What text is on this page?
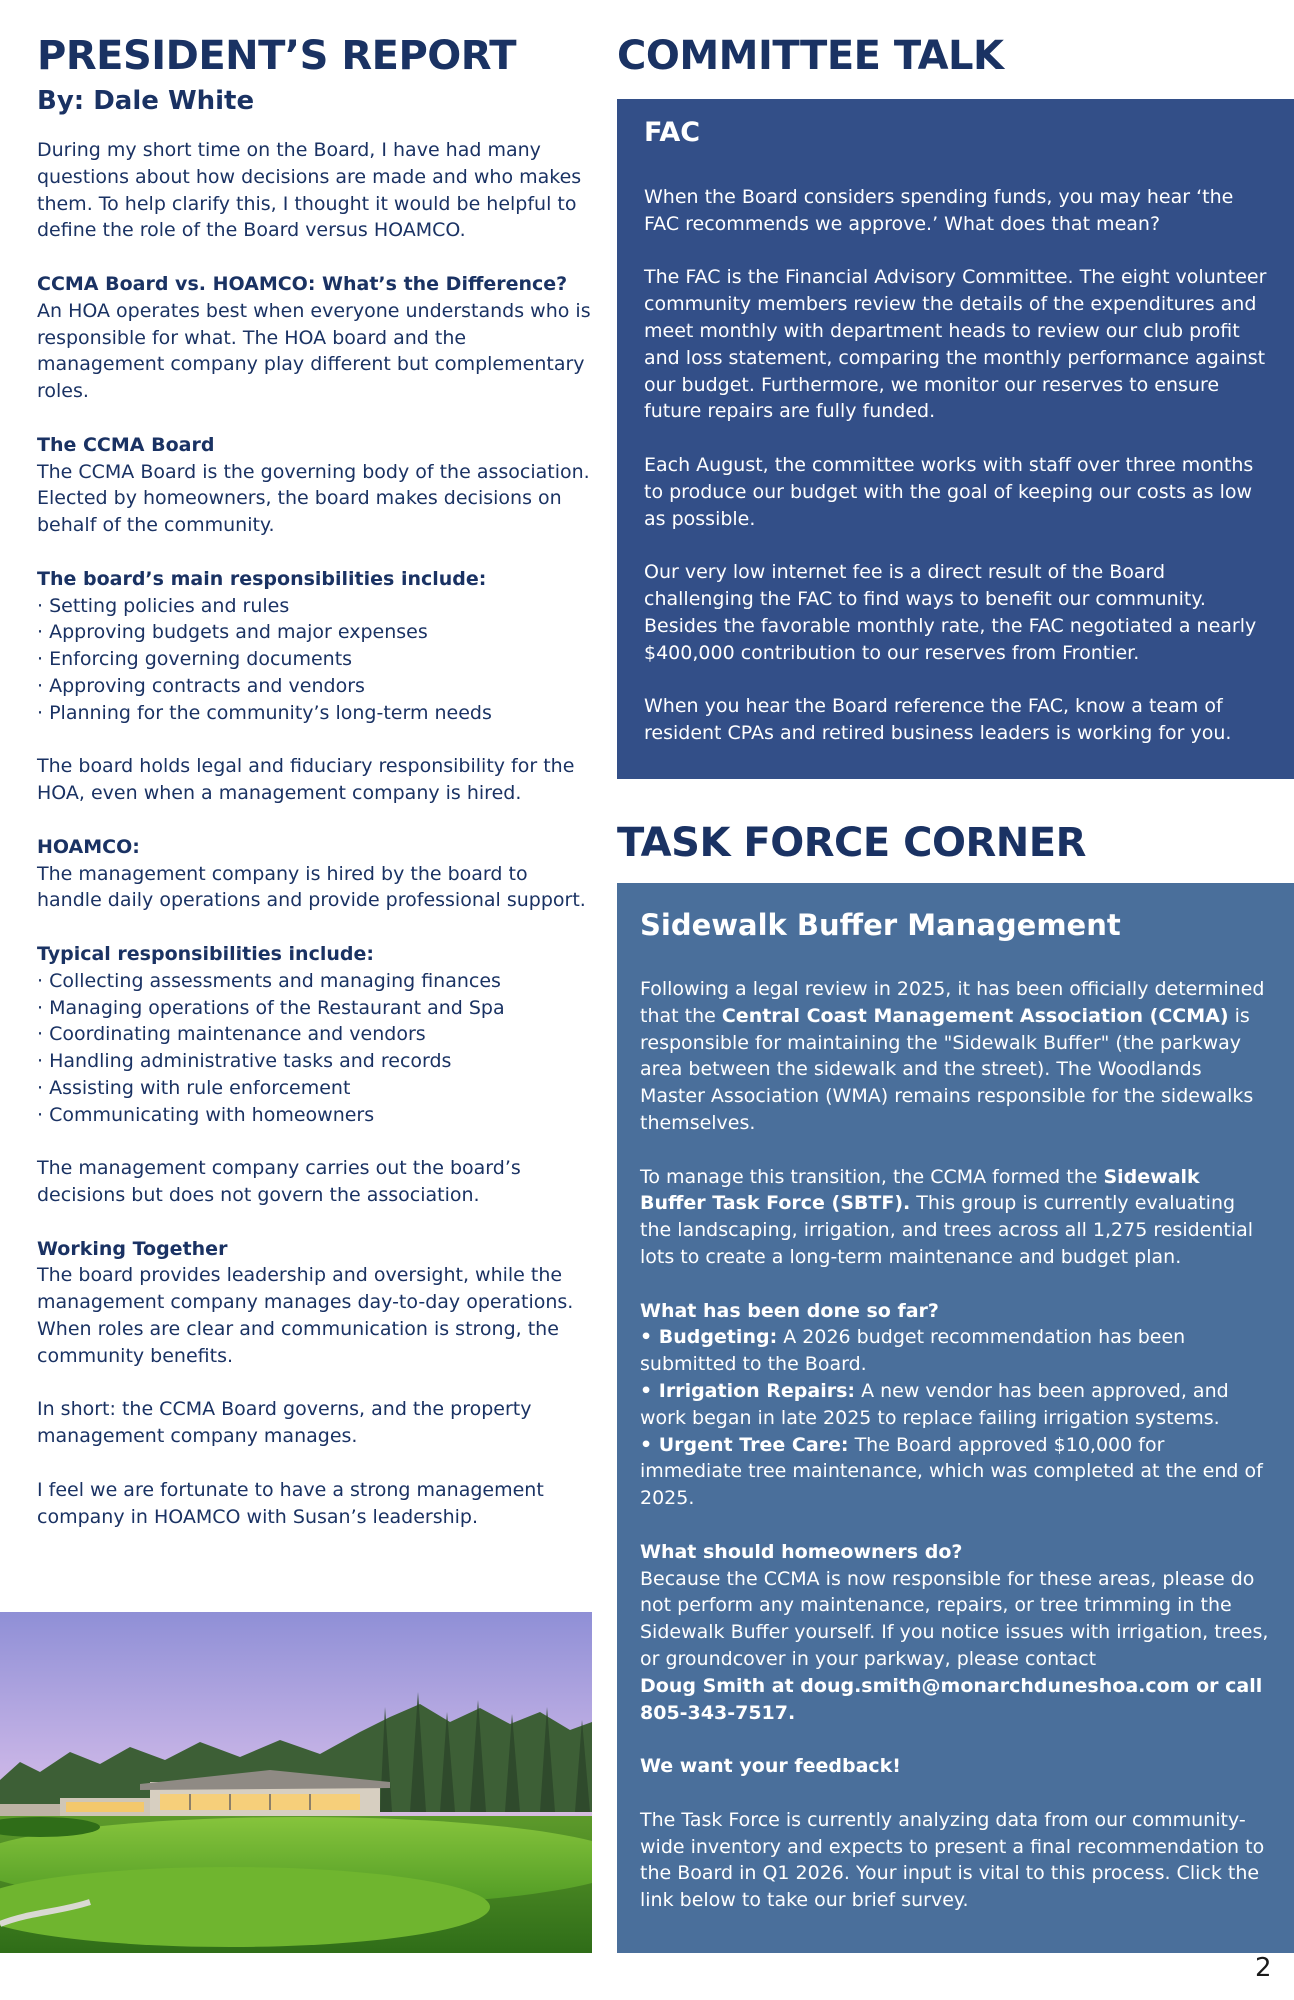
PRESIDENT’S REPORT
By: Dale White

During my short time on the Board, I have had many questions about how decisions are made and who makes them. To help clarify this, I thought it would be helpful to define the role of the Board versus HOAMCO.

CCMA Board vs. HOAMCO: What’s the Difference?
An HOA operates best when everyone understands who is responsible for what. The HOA board and the management company play different but complementary roles.

The CCMA Board
The CCMA Board is the governing body of the association. Elected by homeowners, the board makes decisions on behalf of the community.

The board’s main responsibilities include:
· Setting policies and rules
· Approving budgets and major expenses
· Enforcing governing documents
· Approving contracts and vendors
· Planning for the community’s long-term needs

The board holds legal and fiduciary responsibility for the HOA, even when a management company is hired.

HOAMCO:
The management company is hired by the board to handle daily operations and provide professional support.

Typical responsibilities include:
· Collecting assessments and managing finances
· Managing operations of the Restaurant and Spa
· Coordinating maintenance and vendors
· Handling administrative tasks and records
· Assisting with rule enforcement
· Communicating with homeowners

The management company carries out the board’s decisions but does not govern the association.

Working Together
The board provides leadership and oversight, while the management company manages day-to-day operations. When roles are clear and communication is strong, the community benefits.

In short: the CCMA Board governs, and the property management company manages.

I feel we are fortunate to have a strong management company in HOAMCO with Susan’s leadership.

COMMITTEE TALK
FAC

When the Board considers spending funds, you may hear ‘the FAC recommends we approve.’ What does that mean?

The FAC is the Financial Advisory Committee. The eight volunteer community members review the details of the expenditures and meet monthly with department heads to review our club profit and loss statement, comparing the monthly performance against our budget. Furthermore, we monitor our reserves to ensure future repairs are fully funded.

Each August, the committee works with staff over three months to produce our budget with the goal of keeping our costs as low as possible.

Our very low internet fee is a direct result of the Board challenging the FAC to find ways to benefit our community. Besides the favorable monthly rate, the FAC negotiated a nearly $400,000 contribution to our reserves from Frontier.

When you hear the Board reference the FAC, know a team of resident CPAs and retired business leaders is working for you.

TASK FORCE CORNER
Sidewalk Buffer Management

Following a legal review in 2025, it has been officially determined that the Central Coast Management Association (CCMA) is responsible for maintaining the "Sidewalk Buffer" (the parkway area between the sidewalk and the street). The Woodlands Master Association (WMA) remains responsible for the sidewalks themselves.

To manage this transition, the CCMA formed the Sidewalk Buffer Task Force (SBTF). This group is currently evaluating the landscaping, irrigation, and trees across all 1,275 residential lots to create a long-term maintenance and budget plan.

What has been done so far?
• Budgeting: A 2026 budget recommendation has been submitted to the Board.
• Irrigation Repairs: A new vendor has been approved, and work began in late 2025 to replace failing irrigation systems.
• Urgent Tree Care: The Board approved $10,000 for immediate tree maintenance, which was completed at the end of 2025.

What should homeowners do?
Because the CCMA is now responsible for these areas, please do not perform any maintenance, repairs, or tree trimming in the Sidewalk Buffer yourself. If you notice issues with irrigation, trees, or groundcover in your parkway, please contact
Doug Smith at doug.smith@monarchduneshoa.com or call 805-343-7517.

We want your feedback!

The Task Force is currently analyzing data from our community-wide inventory and expects to present a final recommendation to the Board in Q1 2026. Your input is vital to this process. Click the link below to take our brief survey.

2
